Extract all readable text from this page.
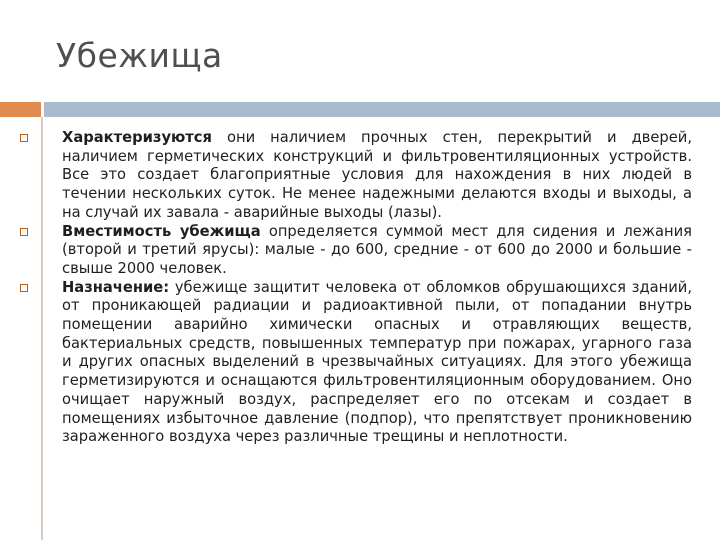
Убежища
Характеризуются они наличием прочных стен, перекрытий и дверей, наличием герметических конструкций и фильтровентиляционных устройств. Все это создает благоприятные условия для нахождения в них людей в течении нескольких суток. Не менее надежными делаются входы и выходы, а на случай их завала - аварийные выходы (лазы).
Вместимость убежища определяется суммой мест для сидения и лежания (второй и третий ярусы): малые - до 600, средние - от 600 до 2000 и большие - свыше 2000 человек.
Назначение: убежище защитит человека от обломков обрушающихся зданий, от проникающей радиации и радиоактивной пыли, от попадании внутрь помещении аварийно химически опасных и отравляющих веществ, бактериальных средств, повышенных температур при пожарах, угарного газа и других опасных выделений в чрезвычайных ситуациях. Для этого убежища герметизируются и оснащаются фильтровентиляционным оборудованием. Оно очищает наружный воздух, распределяет его по отсекам и создает в помещениях избыточное давление (подпор), что препятствует проникновению зараженного воздуха через различные трещины и неплотности.
